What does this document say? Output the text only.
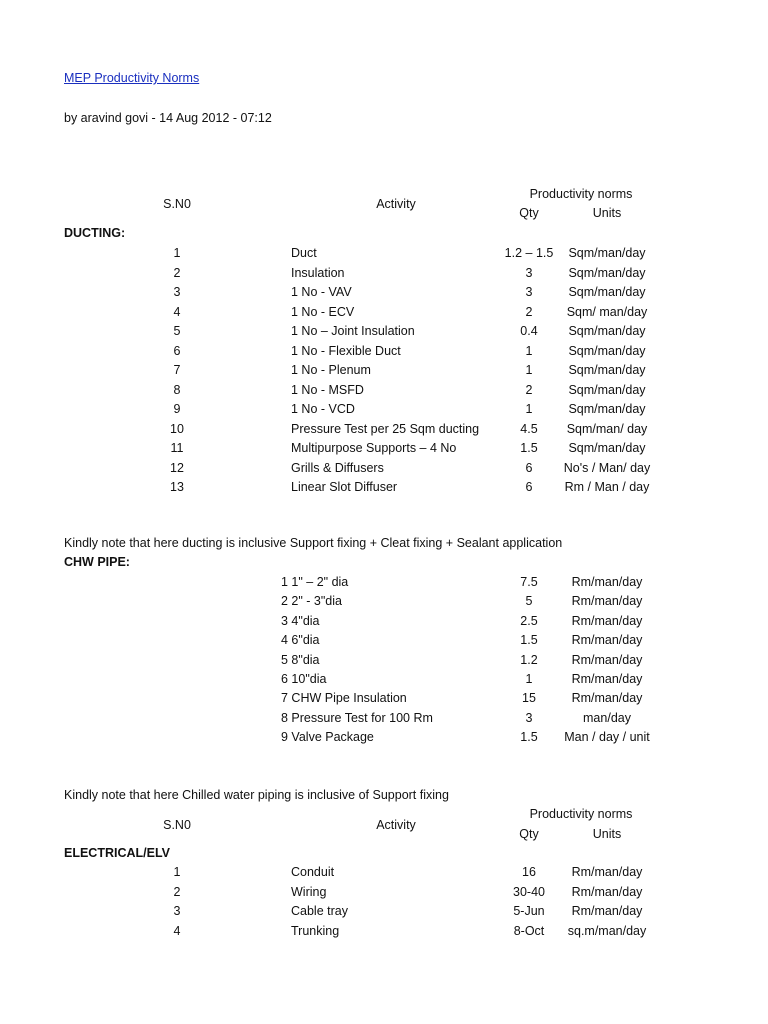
MEP Productivity Norms
by aravind govi - 14 Aug 2012 - 07:12
Productivity norms
S.N0	Activity
Qty	Units
DUCTING:
1	Duct	1.2 – 1.5 Sqm/man/day
2	Insulation	3	Sqm/man/day
3	1 No - VAV	3	Sqm/man/day
4	1 No - ECV	2	Sqm/ man/day
5	1 No – Joint Insulation	0.4 Sqm/man/day
6	1 No - Flexible Duct	1	Sqm/man/day
7	1 No - Plenum	1	Sqm/man/day
8	1 No - MSFD	2	Sqm/man/day
9	1 No - VCD	1	Sqm/man/day
10	Pressure Test per 25 Sqm ducting	4.5 Sqm/man/ day
11	Multipurpose Supports – 4 No	1.5 Sqm/man/day
12	Grills & Diffusers	6	No's / Man/ day
13	Linear Slot Diffuser	6	Rm / Man / day
Kindly note that here ducting is inclusive Support fixing + Cleat fixing + Sealant application
CHW PIPE:
1 1" – 2" dia	7.5	Rm/man/day
2 2" - 3"dia	5	Rm/man/day
3 4"dia	2.5	Rm/man/day
4 6"dia	1.5	Rm/man/day
5 8"dia	1.2	Rm/man/day
6 10"dia	1	Rm/man/day
7 CHW Pipe Insulation	15	Rm/man/day
8 Pressure Test for 100 Rm	3	man/day
9 Valve Package	1.5 Man / day / unit
Kindly note that here Chilled water piping is inclusive of Support fixing
Productivity norms
S.N0	Activity
Qty	Units
ELECTRICAL/ELV
1	Conduit	16	Rm/man/day
2	Wiring	30-40 Rm/man/day
3	Cable tray	5-Jun Rm/man/day
4	Trunking	8-Oct sq.m/man/day
